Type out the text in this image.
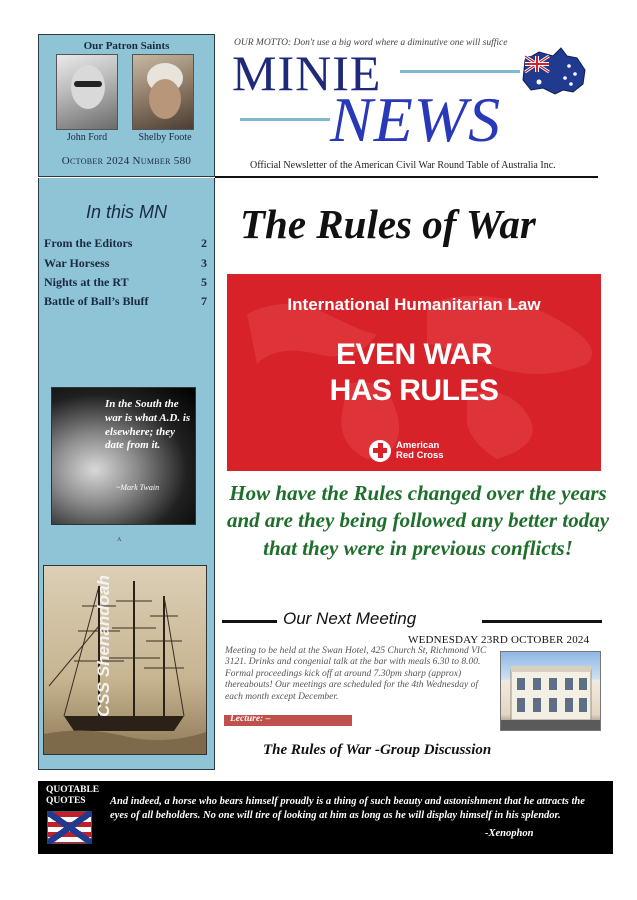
Our Patron Saints
John Ford	Shelby Foote
October 2024 Number 580
OUR MOTTO: Don't use a big word where a diminutive one will suffice
MINIE
NEWS
Official Newsletter of the American Civil War Round Table of Australia Inc.
In this MN
From the Editors	2
War Horsess	3
Nights at the RT	5
Battle of Ball’s Bluff	7
In the South the war is what A.D. is elsewhere; they date from it.
~Mark Twain
A
CSS Shenandoah
The Rules of War
International Humanitarian Law
EVEN WAR
HAS RULES
American
Red Cross
How have the Rules changed over the years and are they being followed any better today that they were in previous conflicts!
Our Next Meeting
WEDNESDAY 23RD OCTOBER 2024
Meeting to be held at the Swan Hotel, 425 Church St, Richmond VIC 3121. Drinks and congenial talk at the bar with meals 6.30 to 8.00. Formal proceedings kick off at around 7.30pm sharp (approx) thereabouts! Our meetings are scheduled for the 4th Wednesday of each month except December.
Lecture: –
The Rules of War -Group Discussion
QUOTABLE
QUOTES	And indeed, a horse who bears himself proudly is a thing of such beauty and astonishment that he attracts the eyes of all beholders. No one will tire of looking at him as long as he will display himself in his splendor.
-Xenophon
